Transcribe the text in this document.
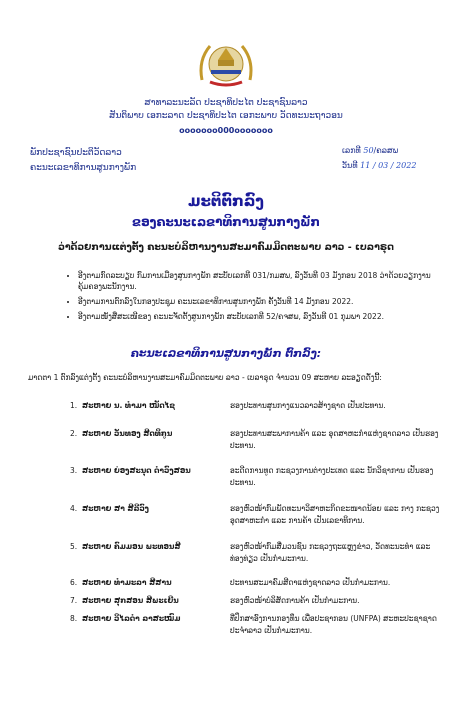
ສາທາລະນະລັດ ປະຊາທິປະໄຕ ປະຊາຊົນລາວ
ສັນຕິພາບ ເອກະລາດ ປະຊາທິປະໄຕ ເອກະພາບ ວັດທະນະຖາວອນ
ooooooo000ooooooo
ພັກປະຊາຊົນປະຕິວັດລາວ
ຄະນະເລຂາທິການສູນກາງພັກ
ເລກທີ 50/ຄລສພ
ວັນທີ 11 / 03 / 2022
ມະຕິຕົກລົງ
ຂອງຄະນະເລຂາທິການສູນກາງພັກ
ວ່າດ້ວຍການແຕ່ງຕັ້ງ ຄະນະບໍລິຫານງານສະມາຄົມມິດຕະພາບ ລາວ - ເບລາຣຸດ
• ອີງຕາມກົດລະບຽບ ກົມການເມືອງສູນກາງພັກ ສະບັບເລກທີ 031/ກມສພ, ລົງວັນທີ 03 ມັງກອນ 2018 ວ່າດ້ວຍວຽກງານຄຸ້ມຄອງພະນັກງານ.
• ອີງຕາມການຕົກລົງໃນກອງປະຊຸມ ຄະນະເລຂາທິການສູນກາງພັກ ຄັ້ງວັນທີ 14 ມັງກອນ 2022.
• ອີງຕາມໜັງສືສະເໜີຂອງ ຄະນະຈັດຕັ້ງສູນກາງພັກ ສະບັບເລກທີ 52/ຄຈສພ, ລົງວັນທີ 01 ກຸມພາ 2022.
ຄະນະເລຂາທິການສູນກາງພັກ ຕົກລົງ:
ມາດຕາ 1 ຕົກລົງແຕ່ງຕັ້ງ ຄະນະບໍລິຫານງານສະມາຄົມມິດຕະພາບ ລາວ - ເບລາຣຸດ ຈຳນວນ 09 ສະຫາຍ ລະອຽດດັ່ງນີ້:
1. ສະຫາຍ ນ. ທຳມາ ໜັດໄຊ	ຮອງປະທານສູນກາງແນວລາວສ້າງຊາດ ເປັນປະທານ.
2. ສະຫາຍ ວັນທອງ ສີດທິກູນ	ຮອງປະທານສະພາການຄ້າ ແລະ ອຸດສາຫະກຳແຫ່ງຊາດລາວ ເປັນຮອງປະທານ.
3. ສະຫາຍ ຍ່ອງສະນຸດ ດຳວົງສອນ	ອະດີດການທູດ ກະຊວງການຕ່າງປະເທດ ແລະ ນັກວິຊາການ ເປັນຮອງປະທານ.
4. ສະຫາຍ ສາ ສີລີວົງ	ຮອງຫົວໜ້າກົມພັດທະນາວິສາຫະກິດຂະໜາດນ້ອຍ ແລະ ກາງ ກະຊວງອຸດສາຫະກຳ ແລະ ການຄ້າ ເປັນເລຂາທິການ.
5. ສະຫາຍ ຄົມມອນ ພະທອນສີ	ຮອງຫົວໜ້າກົມສື່ມວນຊົນ ກະຊວງຖະແຫຼງຂ່າວ, ວັດທະນະທຳ ແລະ ທ່ອງທ່ຽວ ເປັນກຳມະການ.
6. ສະຫາຍ ທຳມະລາ ສີສານ	ປະທານສະມາຄົມສີດາແຫ່ງຊາດລາວ ເປັນກຳມະການ.
7. ສະຫາຍ ສຸກສອນ ສີພະເຍີນ	ຮອງຫົວໜ້າບໍລິສັດການຄ້າ ເປັນກຳມະການ.
8. ສະຫາຍ ວິໄລດຳ ລາສະໝົມ	ທີ່ປຶກສາອົງການກອງທຶນ ເພື່ອປະຊາກອນ (UNFPA) ສະຫະປະຊາຊາດ ປະຈຳລາວ ເປັນກຳມະການ.
